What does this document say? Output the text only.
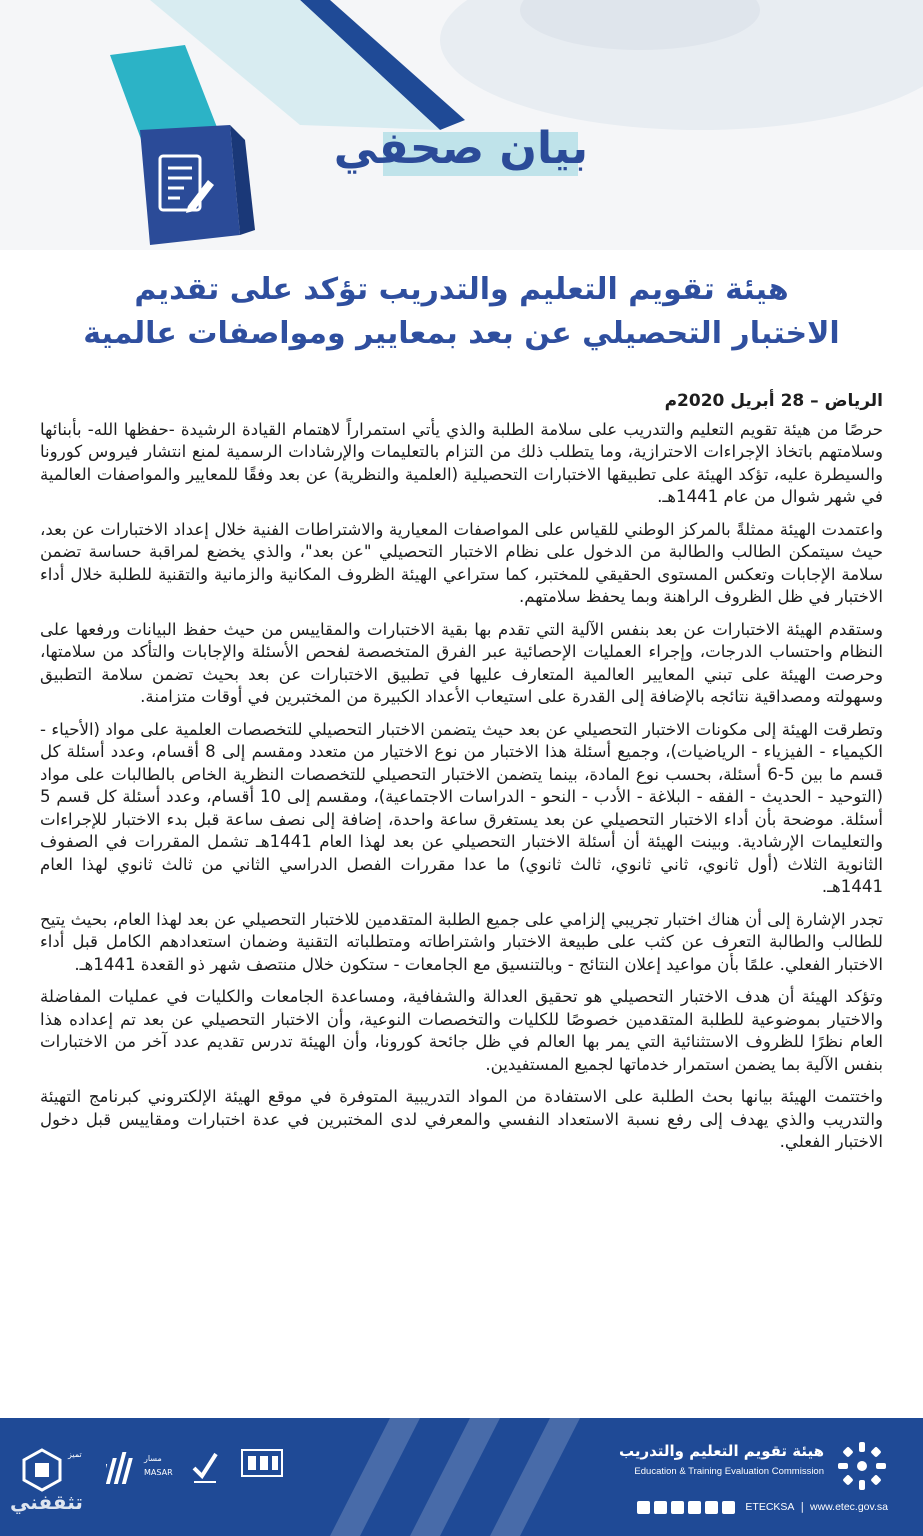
بيان صحفي
هيئة تقويم التعليم والتدريب تؤكد على تقديم
الاختبار التحصيلي عن بعد بمعايير ومواصفات عالمية
الرياض – 28 أبريل 2020م

حرصًا من هيئة تقويم التعليم والتدريب على سلامة الطلبة والذي يأتي استمراراً لاهتمام القيادة الرشيدة -حفظها الله- بأبنائها وسلامتهم باتخاذ الإجراءات الاحترازية، وما يتطلب ذلك من التزام بالتعليمات والإرشادات الرسمية لمنع انتشار فيروس كورونا والسيطرة عليه، تؤكد الهيئة على تطبيقها الاختبارات التحصيلية (العلمية والنظرية) عن بعد وفقًا للمعايير والمواصفات العالمية في شهر شوال من عام 1441هـ.

واعتمدت الهيئة ممثلةً بالمركز الوطني للقياس على المواصفات المعيارية والاشتراطات الفنية خلال إعداد الاختبارات عن بعد، حيث سيتمكن الطالب والطالبة من الدخول على نظام الاختبار التحصيلي "عن بعد"، والذي يخضع لمراقبة حساسة تضمن سلامة الإجابات وتعكس المستوى الحقيقي للمختبر، كما ستراعي الهيئة الظروف المكانية والزمانية والتقنية للطلبة خلال أداء الاختبار في ظل الظروف الراهنة وبما يحفظ سلامتهم.

وستقدم الهيئة الاختبارات عن بعد بنفس الآلية التي تقدم بها بقية الاختبارات والمقاييس من حيث حفظ البيانات ورفعها على النظام واحتساب الدرجات، وإجراء العمليات الإحصائية عبر الفرق المتخصصة لفحص الأسئلة والإجابات والتأكد من سلامتها، وحرصت الهيئة على تبني المعايير العالمية المتعارف عليها في تطبيق الاختبارات عن بعد بحيث تضمن سلامة التطبيق وسهولته ومصداقية نتائجه بالإضافة إلى القدرة على استيعاب الأعداد الكبيرة من المختبرين في أوقات متزامنة.

وتطرقت الهيئة إلى مكونات الاختبار التحصيلي عن بعد حيث يتضمن الاختبار التحصيلي للتخصصات العلمية على مواد (الأحياء - الكيمياء - الفيزياء - الرياضيات)، وجميع أسئلة هذا الاختبار من نوع الاختيار من متعدد ومقسم إلى 8 أقسام، وعدد أسئلة كل قسم ما بين 5-6 أسئلة، بحسب نوع المادة، بينما يتضمن الاختبار التحصيلي للتخصصات النظرية الخاص بالطالبات على مواد (التوحيد - الحديث - الفقه - البلاغة - الأدب - النحو - الدراسات الاجتماعية)، ومقسم إلى 10 أقسام، وعدد أسئلة كل قسم 5 أسئلة. موضحة بأن أداء الاختبار التحصيلي عن بعد يستغرق ساعة واحدة، إضافة إلى نصف ساعة قبل بدء الاختبار للإجراءات والتعليمات الإرشادية. وبينت الهيئة أن أسئلة الاختبار التحصيلي عن بعد لهذا العام 1441هـ تشمل المقررات في الصفوف الثانوية الثلاث (أول ثانوي، ثاني ثانوي، ثالث ثانوي) ما عدا مقررات الفصل الدراسي الثاني من ثالث ثانوي لهذا العام 1441هـ.

تجدر الإشارة إلى أن هناك اختبار تجريبي إلزامي على جميع الطلبة المتقدمين للاختبار التحصيلي عن بعد لهذا العام، بحيث يتيح للطالب والطالبة التعرف عن كثب على طبيعة الاختبار واشتراطاته ومتطلباته التقنية وضمان استعدادهم الكامل قبل أداء الاختبار الفعلي. علمًا بأن مواعيد إعلان النتائج - وبالتنسيق مع الجامعات - ستكون خلال منتصف شهر ذو القعدة 1441هـ.

وتؤكد الهيئة أن هدف الاختبار التحصيلي هو تحقيق العدالة والشفافية، ومساعدة الجامعات والكليات في عمليات المفاضلة والاختيار بموضوعية للطلبة المتقدمين خصوصًا للكليات والتخصصات النوعية، وأن الاختبار التحصيلي عن بعد تم إعداده هذا العام نظرًا للظروف الاستثنائية التي يمر بها العالم في ظل جائحة كورونا، وأن الهيئة تدرس تقديم عدد آخر من الاختبارات بنفس الآلية بما يضمن استمرار خدماتها لجميع المستفيدين.

واختتمت الهيئة بيانها بحث الطلبة على الاستفادة من المواد التدريبية المتوفرة في موقع الهيئة الإلكتروني كبرنامج التهيئة والتدريب والذي يهدف إلى رفع نسبة الاستعداد النفسي والمعرفي لدى المختبرين في عدة اختبارات ومقاييس قبل دخول الاختبار الفعلي.

هيئة تقويم التعليم والتدريب
Education & Training Evaluation Commission
ETECKSA | www.etec.gov.sa
تميز	مسار
MASAR
تثقفني
